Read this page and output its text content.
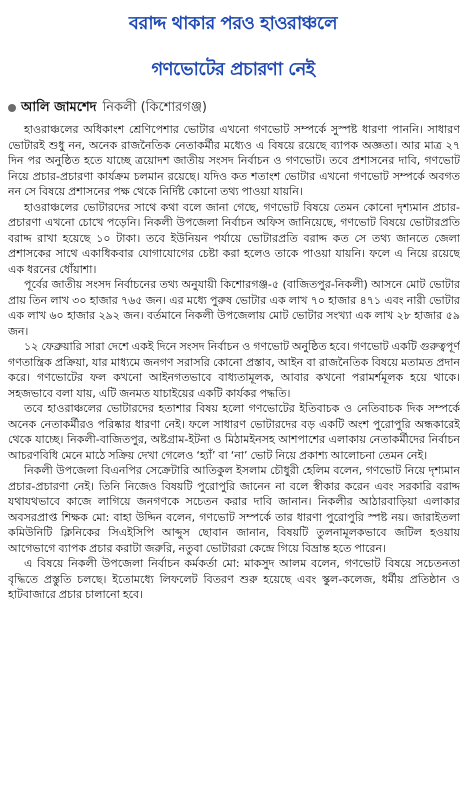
বরাদ্দ থাকার পরও হাওরাঞ্চলে
গণভোটের প্রচারণা নেই
আলি জামশেদ নিকলী (কিশোরগঞ্জ)

হাওরাঞ্চলের অধিকাংশ শ্রেণিপেশার ভোটার এখনো গণভোট সম্পর্কে সুস্পষ্ট ধারণা পাননি। সাধারণ ভোটারই শুধু নন, অনেক রাজনৈতিক নেতাকর্মীর মধ্যেও এ বিষয়ে রয়েছে ব্যাপক অজ্ঞতা। আর মাত্র ২৭ দিন পর অনুষ্ঠিত হতে যাচ্ছে ত্রয়োদশ জাতীয় সংসদ নির্বাচন ও গণভোট। তবে প্রশাসনের দাবি, গণভোট নিয়ে প্রচার-প্রচারণা কার্যক্রম চলমান রয়েছে। যদিও কত শতাংশ ভোটার এখনো গণভোট সম্পর্কে অবগত নন সে বিষয়ে প্রশাসনের পক্ষ থেকে নির্দিষ্ট কোনো তথ্য পাওয়া যায়নি।

হাওরাঞ্চলের ভোটারদের সাথে কথা বলে জানা গেছে, গণভোট বিষয়ে তেমন কোনো দৃশ্যমান প্রচার-প্রচারণা এখনো চোখে পড়েনি। নিকলী উপজেলা নির্বাচন অফিস জানিয়েছে, গণভোট বিষয়ে ভোটারপ্রতি বরাদ্দ রাখা হয়েছে ১০ টাকা। তবে ইউনিয়ন পর্যায়ে ভোটারপ্রতি বরাদ্দ কত সে তথ্য জানতে জেলা প্রশাসকের সাথে একাধিকবার যোগাযোগের চেষ্টা করা হলেও তাকে পাওয়া যায়নি। ফলে এ নিয়ে রয়েছে এক ধরনের ধোঁয়াশা।

পূর্বের জাতীয় সংসদ নির্বাচনের তথ্য অনুযায়ী কিশোরগঞ্জ-৫ (বাজিতপুর-নিকলী) আসনে মোট ভোটার প্রায় তিন লাখ ৩০ হাজার ৭৬৫ জন। এর মধ্যে পুরুষ ভোটার এক লাখ ৭০ হাজার ৪৭১ এবং নারী ভোটার এক লাখ ৬০ হাজার ২৯২ জন। বর্তমানে নিকলী উপজেলায় মোট ভোটার সংখ্যা এক লাখ ২৮ হাজার ৫৯ জন।

১২ ফেব্রুয়ারি সারা দেশে একই দিনে সংসদ নির্বাচন ও গণভোট অনুষ্ঠিত হবে। গণভোট একটি গুরুত্বপূর্ণ গণতান্ত্রিক প্রক্রিয়া, যার মাধ্যমে জনগণ সরাসরি কোনো প্রস্তাব, আইন বা রাজনৈতিক বিষয়ে মতামত প্রদান করে। গণভোটের ফল কখনো আইনগতভাবে বাধ্যতামূলক, আবার কখনো পরামর্শমূলক হয়ে থাকে। সহজভাবে বলা যায়, এটি জনমত যাচাইয়ের একটি কার্যকর পদ্ধতি।

তবে হাওরাঞ্চলের ভোটারদের হতাশার বিষয় হলো গণভোটের ইতিবাচক ও নেতিবাচক দিক সম্পর্কে অনেক নেতাকর্মীরও পরিষ্কার ধারণা নেই। ফলে সাধারণ ভোটারদের বড় একটি অংশ পুরোপুরি অন্ধকারেই থেকে যাচ্ছে। নিকলী-বাজিতপুর, অষ্টগ্রাম-ইটনা ও মিঠামইনসহ আশপাশের এলাকায় নেতাকর্মীদের নির্বাচন আচরণবিধি মেনে মাঠে সক্রিয় দেখা গেলেও ‘হ্যাঁ’ বা ‘না’ ভোট নিয়ে প্রকাশ্য আলোচনা তেমন নেই।

নিকলী উপজেলা বিএনপির সেক্রেটারি আতিকুল ইসলাম চৌধুরী হেলিম বলেন, গণভোট নিয়ে দৃশ্যমান প্রচার-প্রচারণা নেই। তিনি নিজেও বিষয়টি পুরোপুরি জানেন না বলে স্বীকার করেন এবং সরকারি বরাদ্দ যথাযথভাবে কাজে লাগিয়ে জনগণকে সচেতন করার দাবি জানান। নিকলীর আঠারবাড়িয়া এলাকার অবসরপ্রাপ্ত শিক্ষক মো: বাহা উদ্দিন বলেন, গণভোট সম্পর্কে তার ধারণা পুরোপুরি স্পষ্ট নয়। জারাইতলা কমিউনিটি ক্লিনিকের সিএইসিপি আব্দুস ছোবান জানান, বিষয়টি তুলনামূলকভাবে জটিল হওয়ায় আগেভাগে ব্যাপক প্রচার করাটা জরুরি, নতুবা ভোটাররা কেন্দ্রে গিয়ে বিভ্রান্ত হতে পারেন।

এ বিষয়ে নিকলী উপজেলা নির্বাচন কর্মকর্তা মো: মাকসুদ আলম বলেন, গণভোট বিষয়ে সচেতনতা বৃদ্ধিতে প্রস্তুতি চলছে। ইতোমধ্যে লিফলেট বিতরণ শুরু হয়েছে এবং স্কুল-কলেজ, ধর্মীয় প্রতিষ্ঠান ও হাটবাজারে প্রচার চালানো হবে।
